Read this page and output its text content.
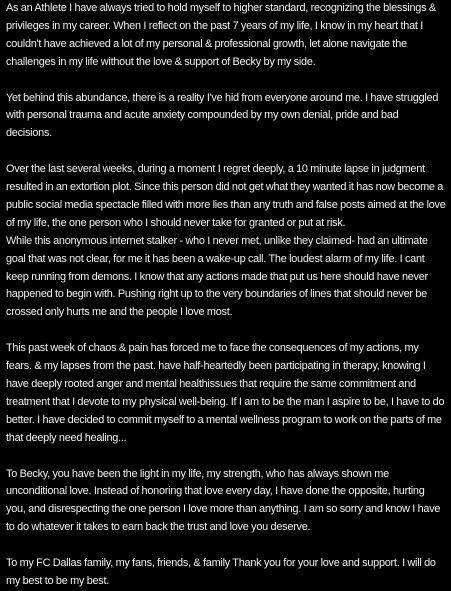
As an Athlete I have always tried to hold myself to higher standard, recognizing the blessings & privileges in my career. When I reflect on the past 7 years of my life, I know in my heart that I couldn't have achieved a lot of my personal & professional growth, let alone navigate the challenges in my life without the love & support of Becky by my side.

Yet behind this abundance, there is a reality I've hid from everyone around me. I have struggled with personal trauma and acute anxiety compounded by my own denial, pride and bad decisions.

Over the last several weeks, during a moment I regret deeply, a 10 minute lapse in judgment resulted in an extortion plot. Since this person did not get what they wanted it has now become a public social media spectacle filled with more lies than any truth and false posts aimed at the love of my life, the one person who I should never take for granted or put at risk.
While this anonymous internet stalker - who I never met, unlike they claimed- had an ultimate goal that was not clear, for me it has been a wake-up call. The loudest alarm of my life. I cant keep running from demons. I know that any actions made that put us here should have never happened to begin with. Pushing right up to the very boundaries of lines that should never be crossed only hurts me and the people I love most.

This past week of chaos & pain has forced me to face the consequences of my actions, my fears. & my lapses from the past. have half-heartedly been participating in therapy, knowing I have deeply rooted anger and mental healthissues that require the same commitment and treatment that I devote to my physical well-being. If I am to be the man I aspire to be, I have to do better. I have decided to commit myself to a mental wellness program to work on the parts of me that deeply need healing...

To Becky, you have been the light in my life, my strength, who has always shown me unconditional love. Instead of honoring that love every day, I have done the opposite, hurting you, and disrespecting the one person I love more than anything. I am so sorry and know I have to do whatever it takes to earn back the trust and love you deserve.

To my FC Dallas family, my fans, friends, & family Thank you for your love and support. I will do my best to be my best.
